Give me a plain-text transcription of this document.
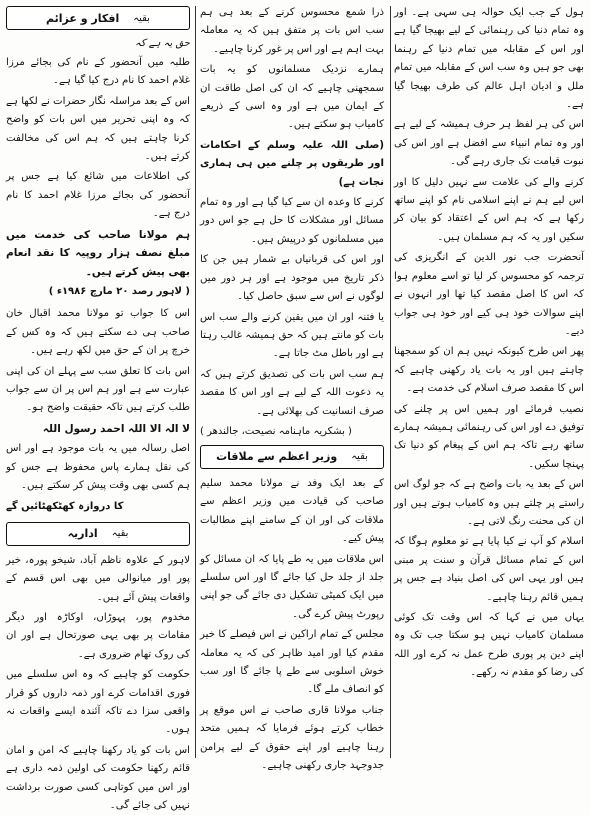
ہول کے جب ایک حوالہ ہی سہی ہے۔ اور وہ تمام دنیا کی رہنمائی کے لیے بھیجا گیا ہے اور اس کے مقابلہ میں تمام دنیا کے رہنما بھی جو ہیں وہ سب اس کے مقابلہ میں تمام ملل و ادیان اہل عالم کی طرف بھیجا گیا ہے۔

اس کی ہر لفظ ہر حرف ہمیشہ کے لیے ہے اور وہ تمام انبیاء سے افضل ہے اور اس کی نبوت قیامت تک جاری رہے گی۔

کرنے والے کی علامت سے نہیں دلیل کا اور اس لیے ہم نے اپنے اسلامی نام کو اپنے ساتھ رکھا ہے کہ ہم اس کے اعتقاد کو بیان کر سکیں اور یہ کہ ہم مسلمان ہیں۔

آنحضرت جب نور الدین کے انگریزی کی ترجمہ کو محسوس کر لیا تو اسے معلوم ہوا کہ اس کا اصل مقصد کیا تھا اور انہوں نے اپنے سوالات خود ہی کیے اور خود ہی جواب دیے۔

پھر اس طرح کیونکہ نہیں ہم ان کو سمجھنا چاہتے ہیں اور یہ بات یاد رکھنی چاہیے کہ اس کا مقصد صرف اسلام کی خدمت ہے۔

نصیب فرمائے اور ہمیں اس پر چلنے کی توفیق دے اور اس کی رہنمائی ہمیشہ ہمارے ساتھ رہے تاکہ ہم اس کے پیغام کو دنیا تک پہنچا سکیں۔

اس کے بعد یہ بات واضح ہے کہ جو لوگ اس راستے پر چلتے ہیں وہ کامیاب ہوتے ہیں اور ان کی محنت رنگ لاتی ہے۔

اسلام کو آپ نے کیا پایا ہے تو معلوم ہوگا کہ اس کے تمام مسائل قرآن و سنت پر مبنی ہیں اور یہی اس کی اصل بنیاد ہے جس پر ہمیں قائم رہنا چاہیے۔

یہاں میں نے کہا کہ اس وقت تک کوئی مسلمان کامیاب نہیں ہو سکتا جب تک وہ اپنے دین پر پوری طرح عمل نہ کرے اور اللہ کی رضا کو مقدم نہ رکھے۔

ذرا شمع محسوس کرنے کے بعد ہی ہم سب اس بات پر متفق ہیں کہ یہ معاملہ بہت اہم ہے اور اس پر غور کرنا چاہیے۔

ہمارے نزدیک مسلمانوں کو یہ بات سمجھنی چاہیے کہ ان کی اصل طاقت ان کے ایمان میں ہے اور وہ اسی کے ذریعے کامیاب ہو سکتے ہیں۔

(صلی اللہ علیہ وسلم کے احکامات اور طریقوں پر چلنے میں ہی ہماری نجات ہے)

کرنے کا وعدہ ان سے کیا گیا ہے اور وہ تمام مسائل اور مشکلات کا حل ہے جو اس دور میں مسلمانوں کو درپیش ہیں۔

اور اس کی قربانیاں بے شمار ہیں جن کا ذکر تاریخ میں موجود ہے اور ہر دور میں لوگوں نے اس سے سبق حاصل کیا۔

یا فتنہ اور ان میں یقین کرنے والے سب اس بات کو مانتے ہیں کہ حق ہمیشہ غالب رہتا ہے اور باطل مٹ جاتا ہے۔

ہم سب اس بات کی تصدیق کرتے ہیں کہ یہ دعوت اللہ کے لیے ہے اور اس کا مقصد صرف انسانیت کی بھلائی ہے۔

( بشکریہ ماہنامہ نصیحت، جالندھر )

بقیہ
وزیر اعظم سے ملاقات

کے بعد ایک وفد نے مولانا محمد سلیم صاحب کی قیادت میں وزیر اعظم سے ملاقات کی اور ان کے سامنے اپنے مطالبات پیش کیے۔

اس ملاقات میں یہ طے پایا کہ ان مسائل کو جلد از جلد حل کیا جائے گا اور اس سلسلے میں ایک کمیٹی تشکیل دی جائے گی جو اپنی رپورٹ پیش کرے گی۔

مجلس کے تمام اراکین نے اس فیصلے کا خیر مقدم کیا اور امید ظاہر کی کہ یہ معاملہ خوش اسلوبی سے طے پا جائے گا اور سب کو انصاف ملے گا۔

جناب مولانا قاری صاحب نے اس موقع پر خطاب کرتے ہوئے فرمایا کہ ہمیں متحد رہنا چاہیے اور اپنے حقوق کے لیے پرامن جدوجہد جاری رکھنی چاہیے۔

بقیہ
افکار و عزائم

حق یہ ہے کہ

طلبہ میں آنحضور کے نام کی بجائے مرزا غلام احمد کا نام درج کیا گیا ہے۔

اس کے بعد مراسلہ نگار حضرات نے لکھا ہے کہ وہ اپنی تحریر میں اس بات کو واضح کرنا چاہتے ہیں کہ ہم اس کی مخالفت کرتے ہیں۔

کی اطلاعات میں شائع کیا ہے جس پر آنحضور کی بجائے مرزا غلام احمد کا نام درج ہے۔

ہم مولانا صاحب کی خدمت میں مبلغ نصف ہزار روپیہ کا نقد انعام بھی پیش کرتے ہیں۔

( لاہور رصد ۲۰ مارچ ۱۹۸۶ء )

اس کا جواب تو مولانا محمد اقبال خان صاحب ہی دے سکتے ہیں کہ وہ کس کے خرچ پر ان کے حق میں لکھ رہے ہیں۔

اس بات کا تعلق سب سے پہلے ان کی اپنی عبارت سے ہے اور ہم اس پر ان سے جواب طلب کرتے ہیں تاکہ حقیقت واضح ہو۔

لا الہ الا اللہ احمد رسول اللہ

اصل رسالہ میں یہ بات موجود ہے اور اس کی نقل ہمارے پاس محفوظ ہے جس کو ہم کسی بھی وقت پیش کر سکتے ہیں۔

کا دروازہ کھٹکھٹائیں گے

بقیہ
اداریہ

لاہور کے علاوہ ناظم آباد، شیخو پورہ، خیر پور اور میانوالی میں بھی اس قسم کے واقعات پیش آئے ہیں۔

مخدوم پور، پہوڑاں، اوکاڑہ اور دیگر مقامات پر بھی یہی صورتحال ہے اور ان کی روک تھام ضروری ہے۔

حکومت کو چاہیے کہ وہ اس سلسلے میں فوری اقدامات کرے اور ذمہ داروں کو قرار واقعی سزا دے تاکہ آئندہ ایسے واقعات نہ ہوں۔

اس بات کو یاد رکھنا چاہیے کہ امن و امان قائم رکھنا حکومت کی اولین ذمہ داری ہے اور اس میں کوتاہی کسی صورت برداشت نہیں کی جائے گی۔
